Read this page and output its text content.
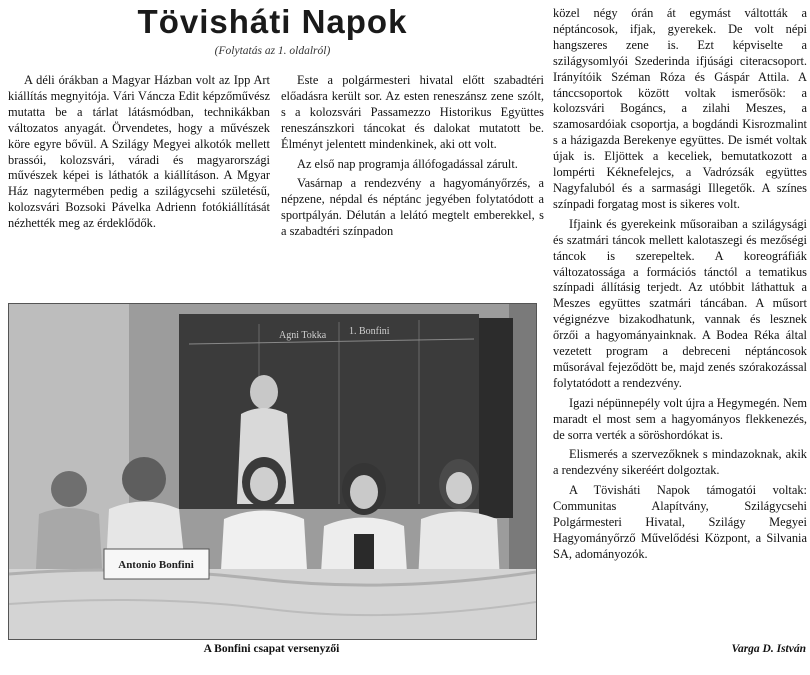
Tövisháti Napok
(Folytatás az 1. oldalról)

A déli órákban a Magyar Házban volt az Ipp Art kiállítás megnyitója. Vári Váncza Edit képzőművész mutatta be a tárlat látásmódban, technikákban változatos anyagát. Örvendetes, hogy a művészek köre egyre bővül. A Szilágy Megyei alkotók mellett brassói, kolozsvári, váradi és magyarországi művészek képei is láthatók a kiállításon. A Mgyar Ház nagytermében pedig a szilágycsehi születésű, kolozsvári Bozsoki Pávelka Adrienn fotókiállítását nézhették meg az érdeklődők.

Este a polgármesteri hivatal előtt szabadtéri előadásra került sor. Az esten reneszánsz zene szólt, s a kolozsvári Passamezzo Historikus Együttes reneszánszkori táncokat és dalokat mutatott be. Élményt jelentett mindenkinek, aki ott volt.

Az első nap programja állófogadással zárult.

Vasárnap a rendezvény a hagyományőrzés, a népzene, népdal és néptánc jegyében folytatódott a sportpályán. Délután a lelátó megtelt emberekkel, s a szabadtéri színpadon

közel négy órán át egymást váltották a néptáncosok, ifjak, gyerekek. De volt népi hangszeres zene is. Ezt képviselte a szilágysomlyói Szederinda ifjúsági citeracsoport. Irányítóik Széman Róza és Gáspár Attila. A tánccsoportok között voltak ismerősök: a kolozsvári Bogáncs, a zilahi Meszes, a szamosardóiak csoportja, a bogdándi Kisrozmalint s a házigazda Berekenye együttes. De ismét voltak újak is. Eljöttek a keceliek, bemutatkozott a lompérti Kéknefelejcs, a Vadrózsák együttes Nagyfaluból és a sarmasági Illegetők. A színes színpadi forgatag most is sikeres volt.

Ifjaink és gyerekeink műsoraiban a szilágysági és szatmári táncok mellett kalotaszegi és mezőségi táncok is szerepeltek. A koreográfiák változatossága a formációs tánctól a tematikus színpadi állításig terjedt. Az utóbbit láthattuk a Meszes együttes szatmári táncában. A műsort végignézve bizakodhatunk, vannak és lesznek őrzői a hagyományainknak. A Bodea Réka által vezetett program a debreceni néptáncosok műsorával fejeződött be, majd zenés szórakozással folytatódott a rendezvény.

Igazi népünnepély volt újra a Hegymegén. Nem maradt el most sem a hagyományos flekkenezés, de sorra verték a söröshordókat is.

Elismerés a szervezőknek s mindazoknak, akik a rendezvény sikeréért dolgoztak.

A Tövisháti Napok támogatói voltak: Communitas Alapítvány, Szilágycsehi Polgármesteri Hivatal, Szilágy Megyei Hagyományőrző Művelődési Központ, a Silvania SA, adományozók.

Agni Tokka 1. Bonfini
Antonio Bonfini
A Bonfini csapat versenyzői	Varga D. István
